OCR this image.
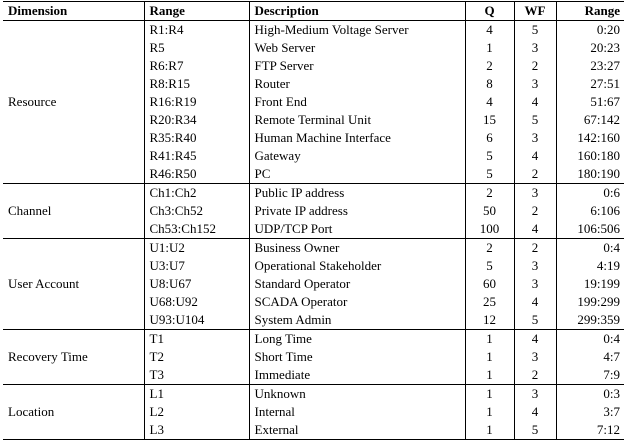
Dimension	Range	Description	Q	WF	Range
Resource	R1:R4	High-Medium Voltage Server	4	5	0:20
	R5	Web Server	1	3	20:23
	R6:R7	FTP Server	2	2	23:27
	R8:R15	Router	8	3	27:51
	R16:R19	Front End	4	4	51:67
	R20:R34	Remote Terminal Unit	15	5	67:142
	R35:R40	Human Machine Interface	6	3	142:160
	R41:R45	Gateway	5	4	160:180
	R46:R50	PC	5	2	180:190
Channel	Ch1:Ch2	Public IP address	2	3	0:6
	Ch3:Ch52	Private IP address	50	2	6:106
	Ch53:Ch152	UDP/TCP Port	100	4	106:506
User Account	U1:U2	Business Owner	2	2	0:4
	U3:U7	Operational Stakeholder	5	3	4:19
	U8:U67	Standard Operator	60	3	19:199
	U68:U92	SCADA Operator	25	4	199:299
	U93:U104	System Admin	12	5	299:359
Recovery Time	T1	Long Time	1	4	0:4
	T2	Short Time	1	3	4:7
	T3	Immediate	1	2	7:9
Location	L1	Unknown	1	3	0:3
	L2	Internal	1	4	3:7
	L3	External	1	5	7:12
